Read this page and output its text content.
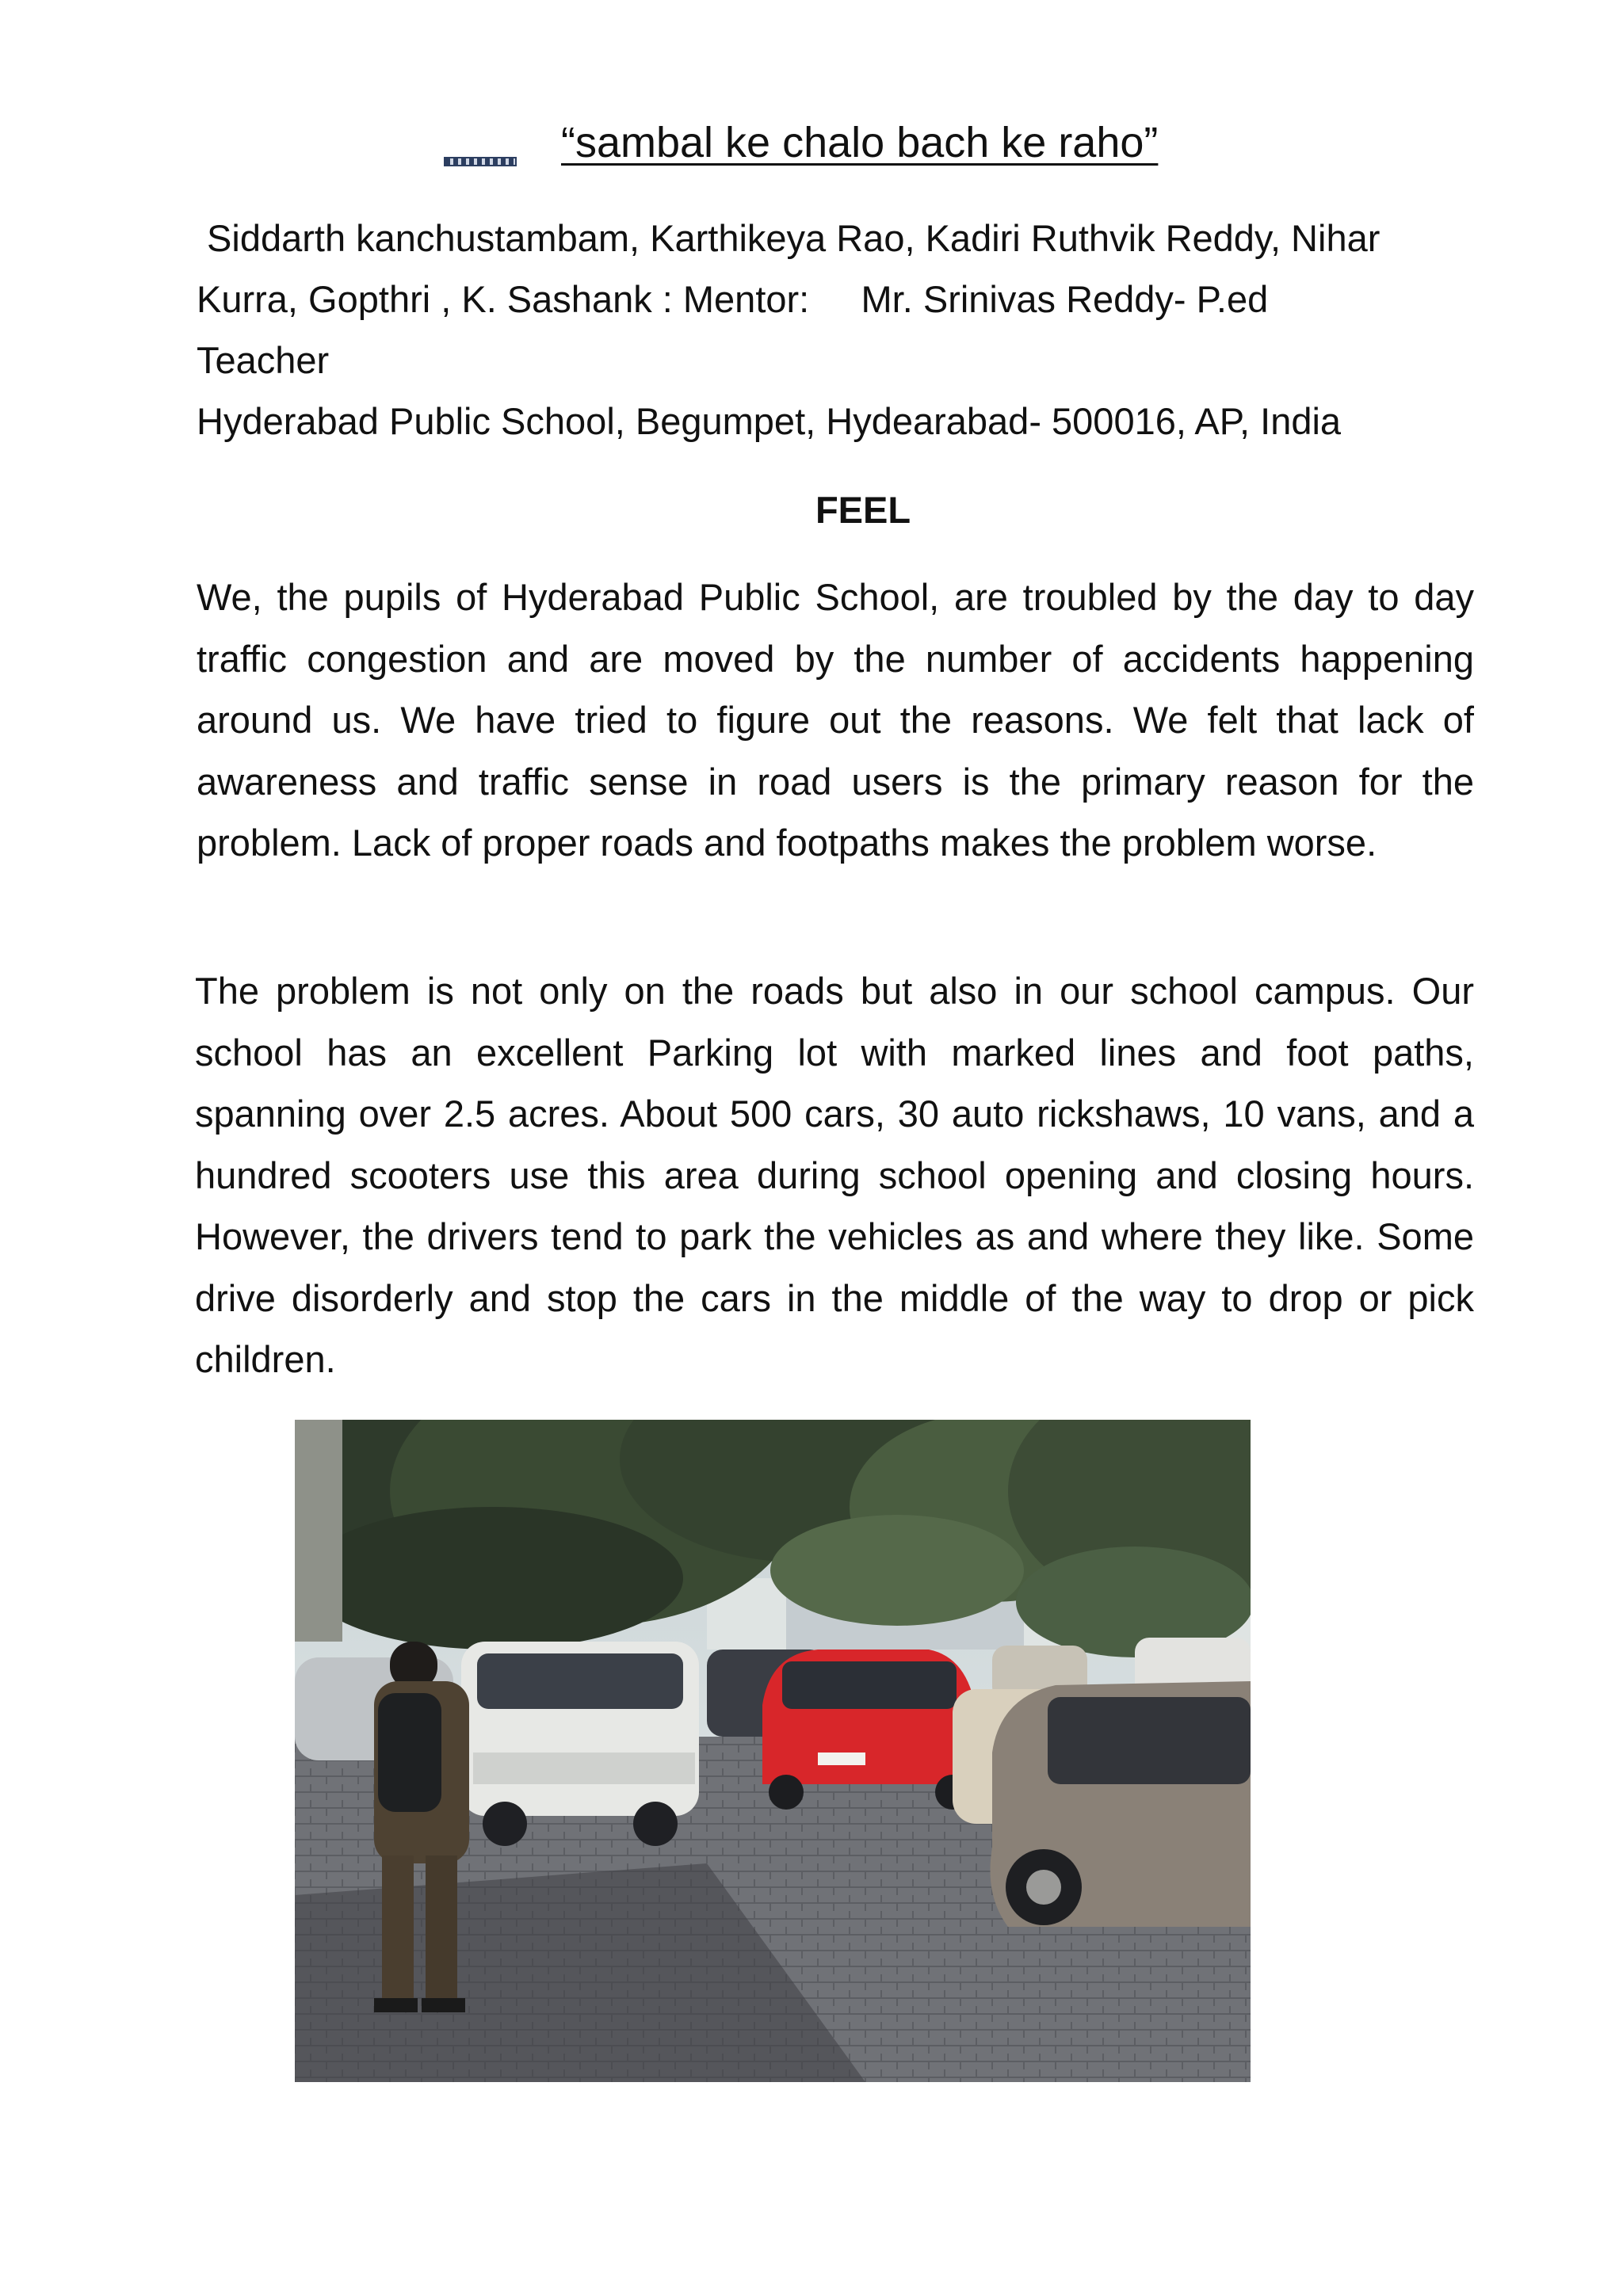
“sambal ke chalo bach ke raho”
Siddarth kanchustambam, Karthikeya Rao, Kadiri Ruthvik Reddy, Nihar
Kurra, Gopthri , K. Sashank : Mentor:     Mr. Srinivas Reddy- P.ed
Teacher
Hyderabad Public School, Begumpet, Hydearabad- 500016, AP, India
FEEL

We, the pupils of Hyderabad Public School, are troubled by the day to day traffic congestion and are moved by the number of accidents happening around us. We have tried to figure out the reasons. We felt that lack of awareness and traffic sense in road users is the primary reason for the problem. Lack of proper roads and footpaths makes the problem worse.

The problem is not only on the roads but also in our school campus. Our school has an excellent Parking lot with marked lines and foot paths, spanning over 2.5 acres. About 500 cars, 30 auto rickshaws, 10 vans, and a hundred scooters use this area during school opening and closing hours. However, the drivers tend to park the vehicles as and where they like. Some drive disorderly and stop the cars in the middle of the way to drop or pick children.
